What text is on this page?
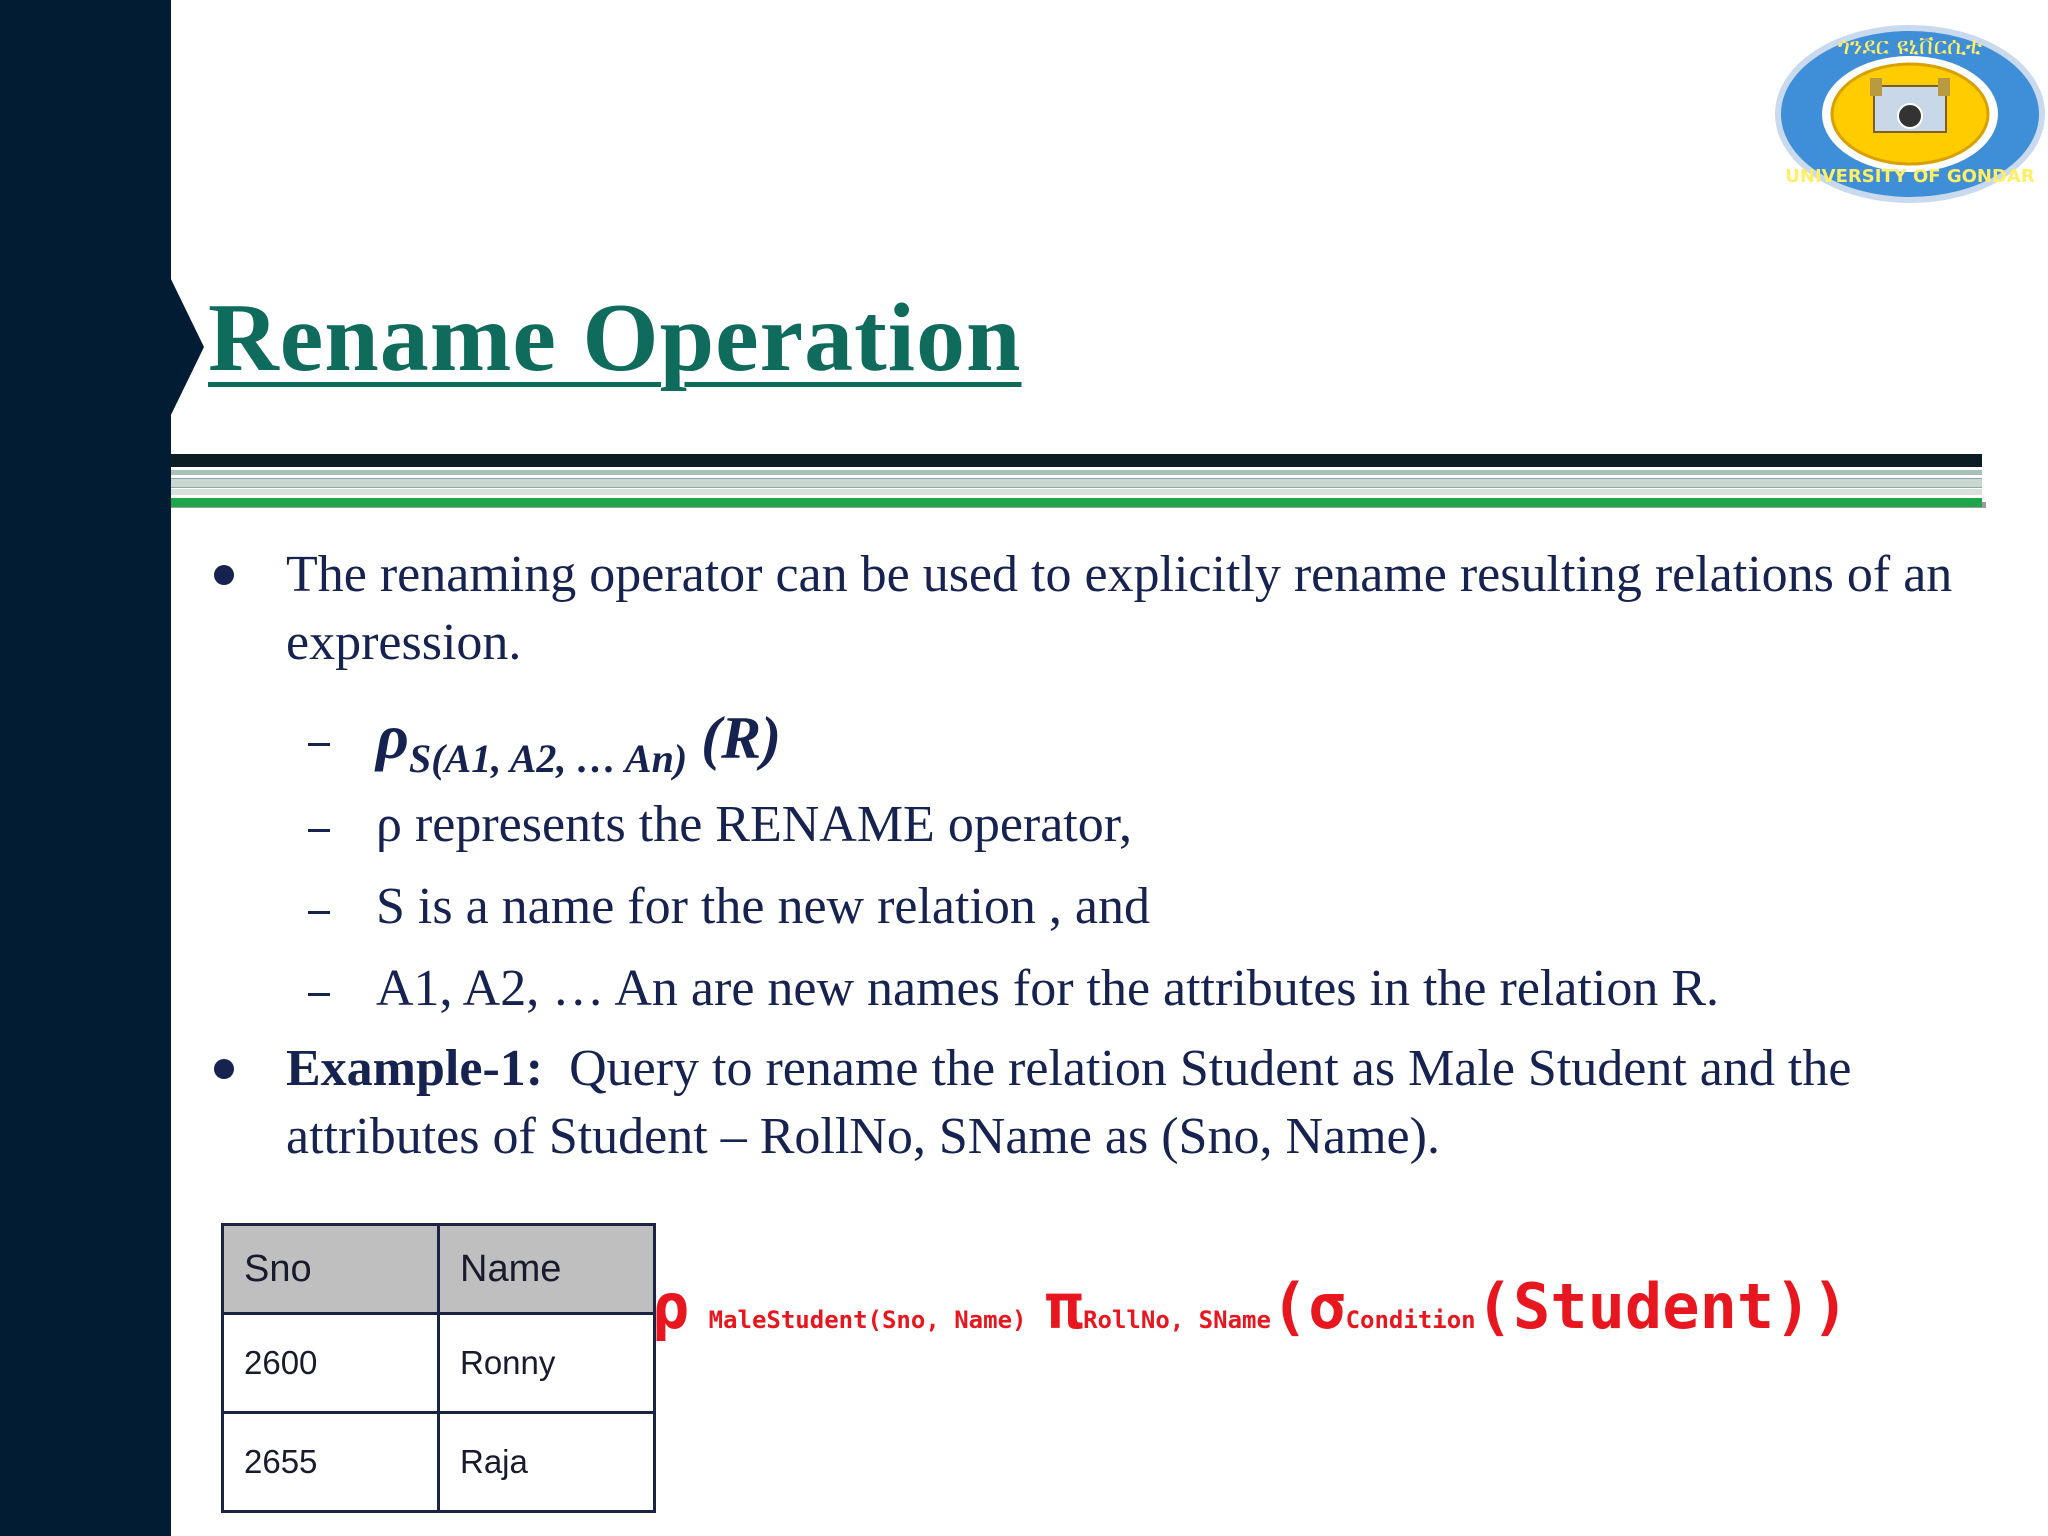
ጎንደር ዩኒቨርሲቲ
UNIVERSITY OF GONDAR
Rename Operation
The renaming operator can be used to explicitly rename resulting relations of an expression.
$\rho_{S(A1, A2, \dots An)}$ (R)
ρ represents the RENAME operator,
S is a name for the new relation , and
A1, A2, … An are new names for the attributes in the relation R.
Example-1: Query to rename the relation Student as Male Student and the attributes of Student – RollNo, SName as (Sno, Name).
Sno	Name
2600	Ronny
2655	Raja
ρ MaleStudent(Sno, Name) πRollNo, SName(σCondition(Student))
